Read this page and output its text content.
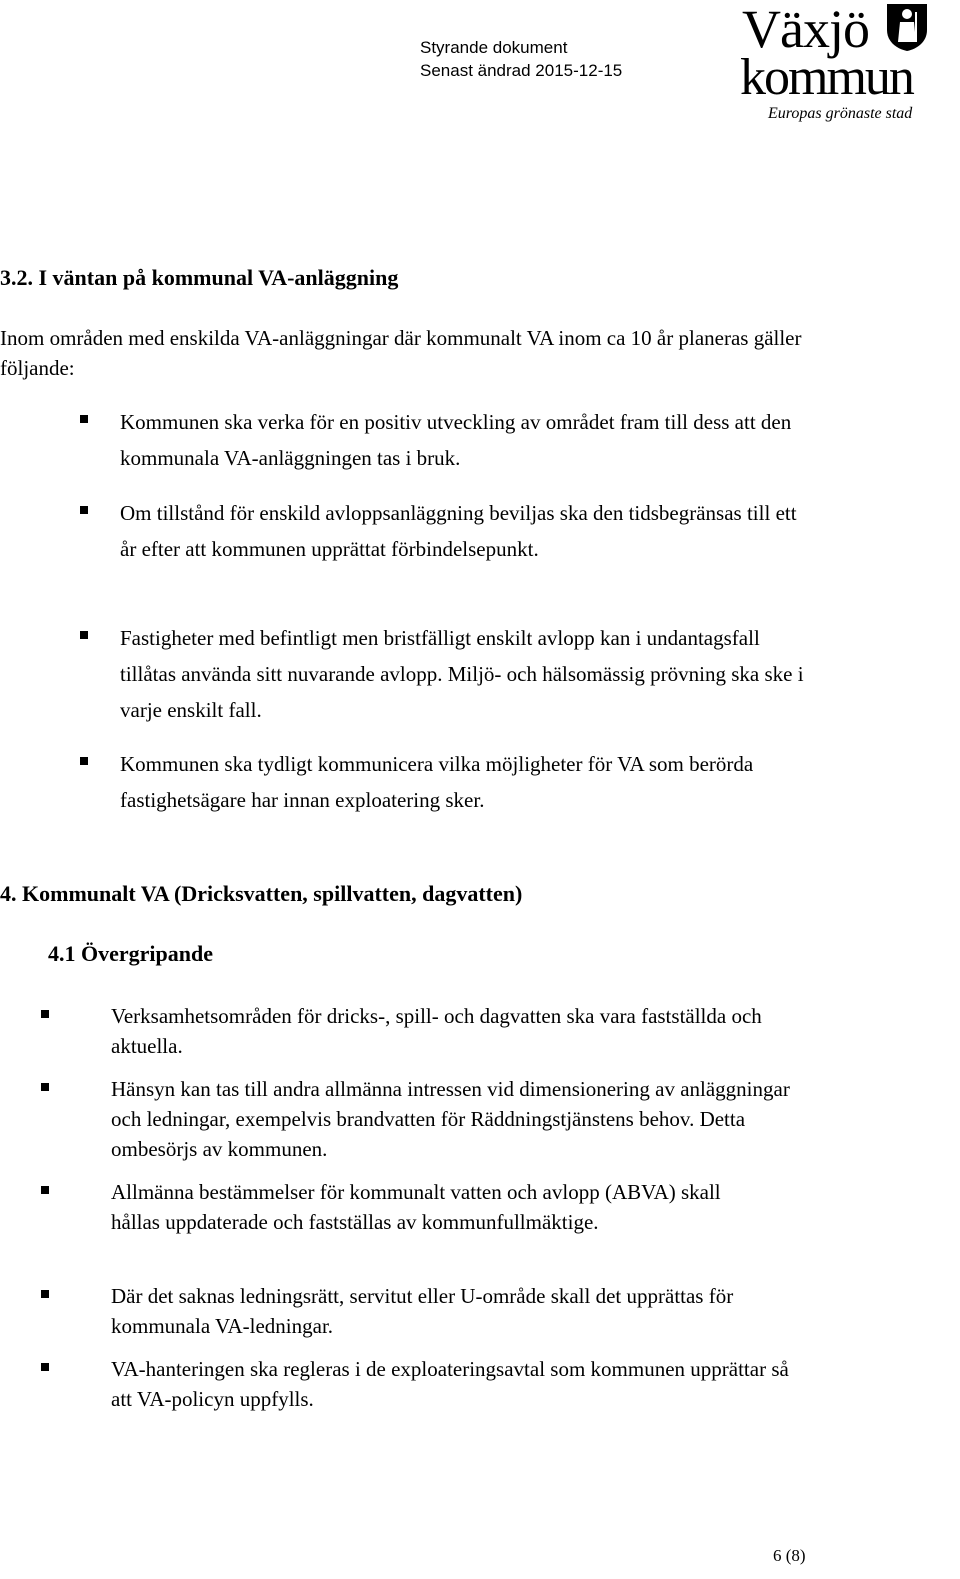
Styrande dokument
Senast ändrad 2015-12-15
Växjö
kommun
Europas grönaste stad
3.2. I väntan på kommunal VA-anläggning
Inom områden med enskilda VA-anläggningar där kommunalt VA inom ca 10 år planeras gäller följande:
Kommunen ska verka för en positiv utveckling av området fram till dess att den kommunala VA-anläggningen tas i bruk.
Om tillstånd för enskild avloppsanläggning beviljas ska den tidsbegränsas till ett år efter att kommunen upprättat förbindelsepunkt.
Fastigheter med befintligt men bristfälligt enskilt avlopp kan i undantagsfall tillåtas använda sitt nuvarande avlopp. Miljö- och hälsomässig prövning ska ske i varje enskilt fall.
Kommunen ska tydligt kommunicera vilka möjligheter för VA som berörda fastighetsägare har innan exploatering sker.
4. Kommunalt VA (Dricksvatten, spillvatten, dagvatten)
4.1 Övergripande
Verksamhetsområden för dricks-, spill- och dagvatten ska vara fastställda och aktuella.
Hänsyn kan tas till andra allmänna intressen vid dimensionering av anläggningar och ledningar, exempelvis brandvatten för Räddningstjänstens behov. Detta ombesörjs av kommunen.
Allmänna bestämmelser för kommunalt vatten och avlopp (ABVA) skall hållas uppdaterade och fastställas av kommunfullmäktige.
Där det saknas ledningsrätt, servitut eller U-område skall det upprättas för kommunala VA-ledningar.
VA-hanteringen ska regleras i de exploateringsavtal som kommunen upprättar så att VA-policyn uppfylls.
6 (8)
